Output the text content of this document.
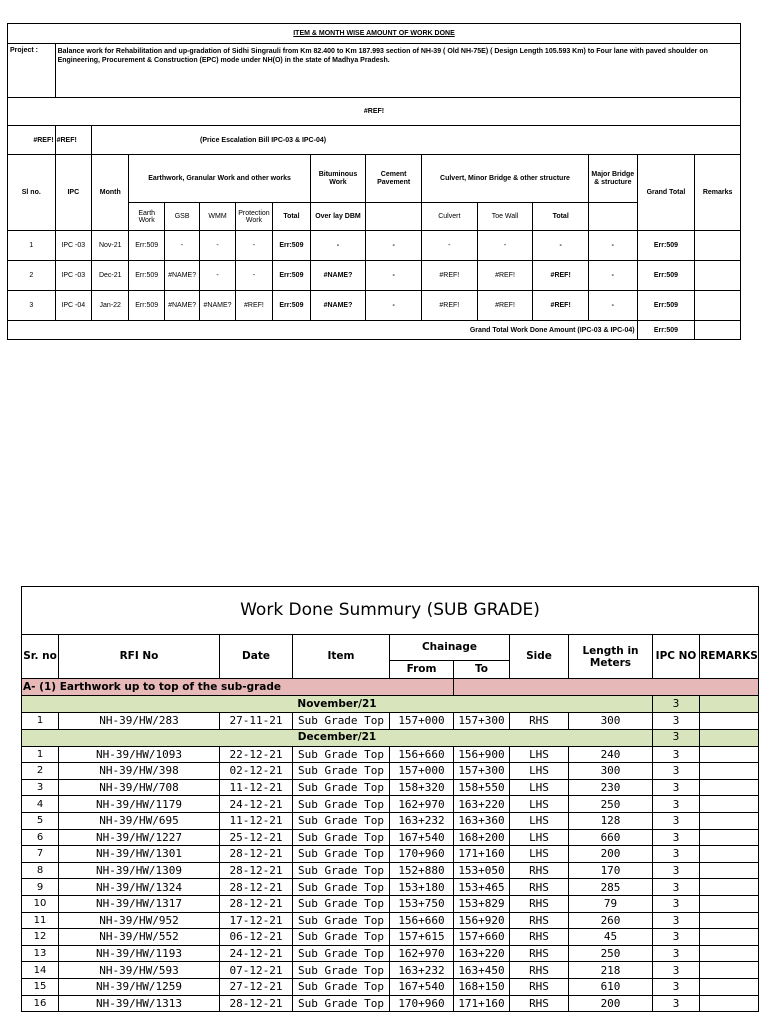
ITEM & MONTH WISE AMOUNT OF WORK DONE															
Project :	Balance work for Rehabilitation and up-gradation of Sidhi Singrauli from Km 82.400 to Km 187.993 section of NH-39 ( Old NH-75E) ( Design Length 105.593 Km) to Four lane with paved shoulder on Engineering, Procurement & Construction (EPC) mode under NH(O) in the state of Madhya Pradesh.														
#REF!															
#REF!	#REF!	(Price Escalation Bill IPC-03 & IPC-04)													
Sl no.	IPC	Month	Earthwork, Granular Work and other works					Bituminous Work	Cement Pavement	Culvert, Minor Bridge & other structure			Major Bridge & structure	Grand Total	Remarks
			Earth Work	GSB	WMM	Protection Work	Total	Over lay DBM		Culvert	Toe Wall	Total			
1	IPC -03	Nov-21	Err:509	-	-	-	Err:509	-	-	-	-	-	-	Err:509	
2	IPC -03	Dec-21	Err:509	#NAME?	-	-	Err:509	#NAME?	-	#REF!	#REF!	#REF!	-	Err:509	
3	IPC -04	Jan-22	Err:509	#NAME?	#NAME?	#REF!	Err:509	#NAME?	-	#REF!	#REF!	#REF!	-	Err:509	
Grand Total Work Done Amount (IPC-03 & IPC-04)														Err:509	
Work Done Summury (SUB GRADE)									
Sr. no	RFI No	Date	Item	Chainage		Side	Length in Meters	IPC NO	REMARKS
				From	To				
A- (1) Earthwork up to top of the sub-grade									
November/21								3	
1	NH-39/HW/283	27-11-21	Sub Grade Top	157+000	157+300	RHS	300	3	
December/21								3	
1	NH-39/HW/1093	22-12-21	Sub Grade Top	156+660	156+900	LHS	240	3	
2	NH-39/HW/398	02-12-21	Sub Grade Top	157+000	157+300	LHS	300	3	
3	NH-39/HW/708	11-12-21	Sub Grade Top	158+320	158+550	LHS	230	3	
4	NH-39/HW/1179	24-12-21	Sub Grade Top	162+970	163+220	LHS	250	3	
5	NH-39/HW/695	11-12-21	Sub Grade Top	163+232	163+360	LHS	128	3	
6	NH-39/HW/1227	25-12-21	Sub Grade Top	167+540	168+200	LHS	660	3	
7	NH-39/HW/1301	28-12-21	Sub Grade Top	170+960	171+160	LHS	200	3	
8	NH-39/HW/1309	28-12-21	Sub Grade Top	152+880	153+050	RHS	170	3	
9	NH-39/HW/1324	28-12-21	Sub Grade Top	153+180	153+465	RHS	285	3	
10	NH-39/HW/1317	28-12-21	Sub Grade Top	153+750	153+829	RHS	79	3	
11	NH-39/HW/952	17-12-21	Sub Grade Top	156+660	156+920	RHS	260	3	
12	NH-39/HW/552	06-12-21	Sub Grade Top	157+615	157+660	RHS	45	3	
13	NH-39/HW/1193	24-12-21	Sub Grade Top	162+970	163+220	RHS	250	3	
14	NH-39/HW/593	07-12-21	Sub Grade Top	163+232	163+450	RHS	218	3	
15	NH-39/HW/1259	27-12-21	Sub Grade Top	167+540	168+150	RHS	610	3	
16	NH-39/HW/1313	28-12-21	Sub Grade Top	170+960	171+160	RHS	200	3	
